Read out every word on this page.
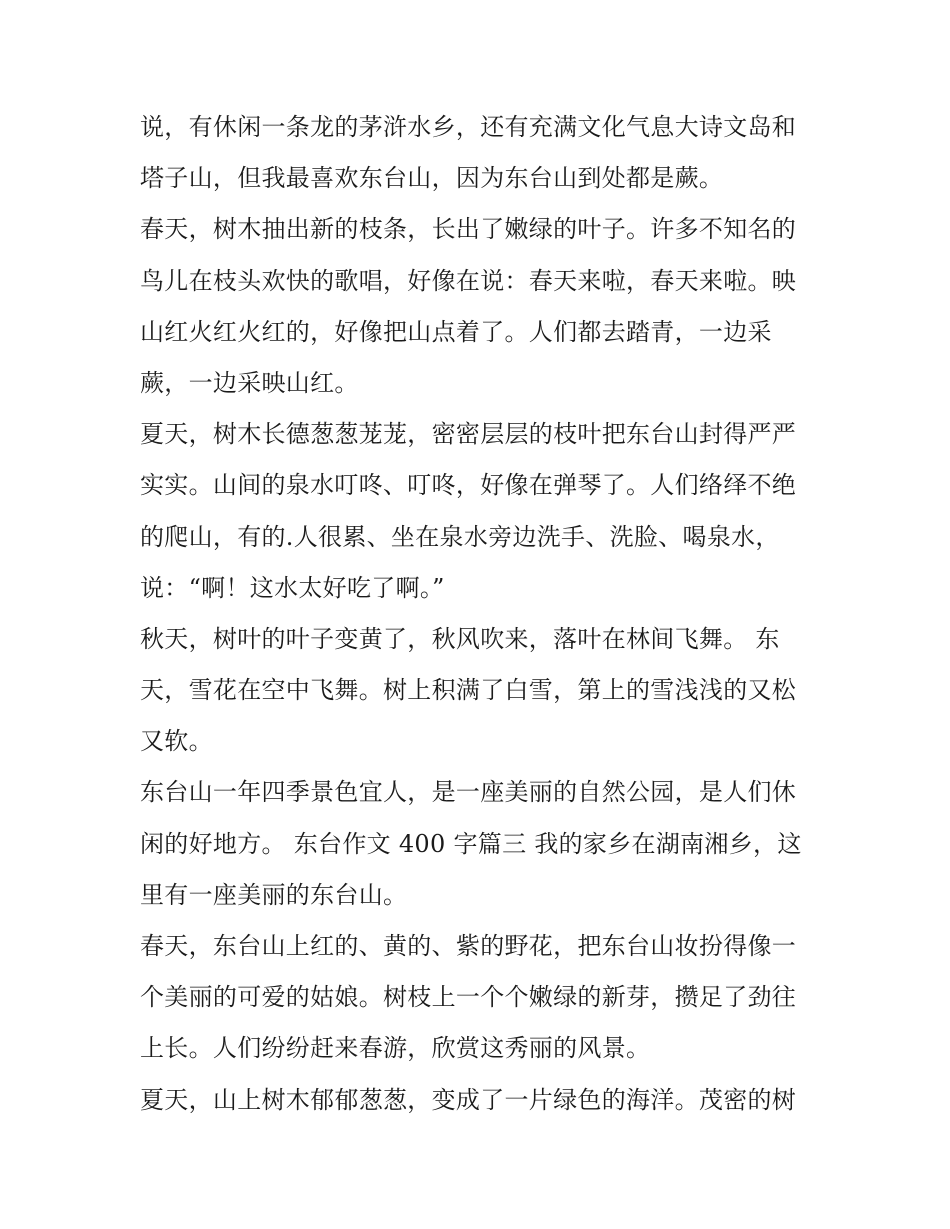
说，有休闲一条龙的茅浒水乡，还有充满文化气息大诗文岛和
塔子山，但我最喜欢东台山，因为东台山到处都是蕨。
春天，树木抽出新的枝条，长出了嫩绿的叶子。许多不知名的
鸟儿在枝头欢快的歌唱，好像在说：春天来啦，春天来啦。映
山红火红火红的，好像把山点着了。人们都去踏青，一边采
蕨，一边采映山红。
夏天，树木长德葱葱茏茏，密密层层的枝叶把东台山封得严严
实实。山间的泉水叮咚、叮咚，好像在弹琴了。人们络绎不绝
的爬山，有的.人很累、坐在泉水旁边洗手、洗脸、喝泉水，
说：“啊！这水太好吃了啊。”
秋天，树叶的叶子变黄了，秋风吹来，落叶在林间飞舞。 东
天，雪花在空中飞舞。树上积满了白雪，第上的雪浅浅的又松
又软。
东台山一年四季景色宜人，是一座美丽的自然公园，是人们休
闲的好地方。 东台作文 400 字篇三 我的家乡在湖南湘乡，这
里有一座美丽的东台山。
春天，东台山上红的、黄的、紫的野花，把东台山妆扮得像一
个美丽的可爱的姑娘。树枝上一个个嫩绿的新芽，攒足了劲往
上长。人们纷纷赶来春游，欣赏这秀丽的风景。
夏天，山上树木郁郁葱葱，变成了一片绿色的海洋。茂密的树
